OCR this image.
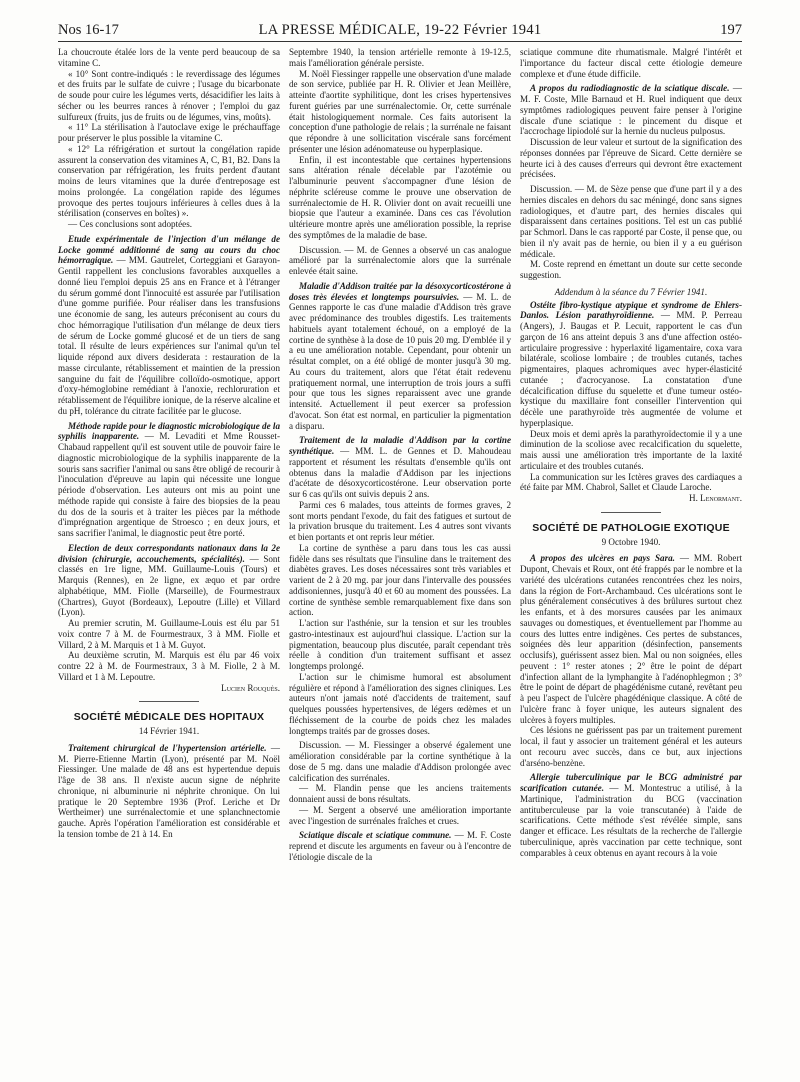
Nos 16-17	LA PRESSE MÉDICALE, 19-22 Février 1941	197

La choucroute étalée lors de la vente perd beaucoup de sa vitamine C.

« 10° Sont contre-indiqués : le reverdissage des légumes et des fruits par le sulfate de cuivre ; l'usage du bicarbonate de soude pour cuire les légumes verts, désacidifier les laits à sécher ou les beurres rances à rénover ; l'emploi du gaz sulfureux (fruits, jus de fruits ou de légumes, vins, moûts).

« 11° La stérilisation à l'autoclave exige le préchauffage pour préserver le plus possible la vitamine C.

« 12° La réfrigération et surtout la congélation rapide assurent la conservation des vitamines A, C, B1, B2. Dans la conservation par réfrigération, les fruits perdent d'autant moins de leurs vitamines que la durée d'entreposage est moins prolongée. La congélation rapide des légumes provoque des pertes toujours inférieures à celles dues à la stérilisation (conserves en boîtes) ».

— Ces conclusions sont adoptées.

Etude expérimentale de l'injection d'un mélange de Locke gommé additionné de sang au cours du choc hémorragique. — MM. Gautrelet, Corteggiani et Garayon-Gentil rappellent les conclusions favorables auxquelles a donné lieu l'emploi depuis 25 ans en France et à l'étranger du sérum gommé dont l'innocuité est assurée par l'utilisation d'une gomme purifiée. Pour réaliser dans les transfusions une économie de sang, les auteurs préconisent au cours du choc hémorragique l'utilisation d'un mélange de deux tiers de sérum de Locke gommé glucosé et de un tiers de sang total. Il résulte de leurs expériences sur l'animal qu'un tel liquide répond aux divers desiderata : restauration de la masse circulante, rétablissement et maintien de la pression sanguine du fait de l'équilibre colloïdo-osmotique, apport d'oxy-hémoglobine remédiant à l'anoxie, rechloruration et rétablissement de l'équilibre ionique, de la réserve alcaline et du pH, tolérance du citrate facilitée par le glucose.

Méthode rapide pour le diagnostic microbiologique de la syphilis inapparente. — M. Levaditi et Mme Rousset-Chabaud rappellent qu'il est souvent utile de pouvoir faire le diagnostic microbiologique de la syphilis inapparente de la souris sans sacrifier l'animal ou sans être obligé de recourir à l'inoculation d'épreuve au lapin qui nécessite une longue période d'observation. Les auteurs ont mis au point une méthode rapide qui consiste à faire des biopsies de la peau du dos de la souris et à traiter les pièces par la méthode d'imprégnation argentique de Stroesco ; en deux jours, et sans sacrifier l'animal, le diagnostic peut être porté.

Election de deux correspondants nationaux dans la 2e division (chirurgie, accouchements, spécialités). — Sont classés en 1re ligne, MM. Guillaume-Louis (Tours) et Marquis (Rennes), en 2e ligne, ex æquo et par ordre alphabétique, MM. Fiolle (Marseille), de Fourmestraux (Chartres), Guyot (Bordeaux), Lepoutre (Lille) et Villard (Lyon).

Au premier scrutin, M. Guillaume-Louis est élu par 51 voix contre 7 à M. de Fourmestraux, 3 à MM. Fiolle et Villard, 2 à M. Marquis et 1 à M. Guyot.

Au deuxième scrutin, M. Marquis est élu par 46 voix contre 22 à M. de Fourmestraux, 3 à M. Fiolle, 2 à M. Villard et 1 à M. Lepoutre.

Lucien Rouquès.

SOCIÉTÉ MÉDICALE DES HOPITAUX
14 Février 1941.

Traitement chirurgical de l'hypertension artérielle. — M. Pierre-Etienne Martin (Lyon), présenté par M. Noël Fiessinger. Une malade de 48 ans est hypertendue depuis l'âge de 38 ans. Il n'existe aucun signe de néphrite chronique, ni albuminurie ni néphrite chronique. On lui pratique le 20 Septembre 1936 (Prof. Leriche et Dr Wertheimer) une surrénalectomie et une splanchnectomie gauche. Après l'opération l'amélioration est considérable et la tension tombe de 21 à 14. En

Septembre 1940, la tension artérielle remonte à 19-12.5, mais l'amélioration générale persiste.

M. Noël Fiessinger rappelle une observation d'une malade de son service, publiée par H. R. Olivier et Jean Meillère, atteinte d'aortite syphilitique, dont les crises hypertensives furent guéries par une surrénalectomie. Or, cette surrénale était histologiquement normale. Ces faits autorisent la conception d'une pathologie de relais ; la surrénale ne faisant que répondre à une sollicitation viscérale sans forcément présenter une lésion adénomateuse ou hyperplasique.

Enfin, il est incontestable que certaines hypertensions sans altération rénale décelable par l'azotémie ou l'albuminurie peuvent s'accompagner d'une lésion de néphrite scléreuse comme le prouve une observation de surrénalectomie de H. R. Olivier dont on avait recueilli une biopsie que l'auteur a examinée. Dans ces cas l'évolution ultérieure montre après une amélioration possible, la reprise des symptômes de la maladie de base.

Discussion. — M. de Gennes a observé un cas analogue amélioré par la surrénalectomie alors que la surrénale enlevée était saine.

Maladie d'Addison traitée par la désoxycorticostérone à doses très élevées et longtemps poursuivies. — M. L. de Gennes rapporte le cas d'une maladie d'Addison très grave avec prédominance des troubles digestifs. Les traitements habituels ayant totalement échoué, on a employé de la cortine de synthèse à la dose de 10 puis 20 mg. D'emblée il y a eu une amélioration notable. Cependant, pour obtenir un résultat complet, on a été obligé de monter jusqu'à 30 mg. Au cours du traitement, alors que l'état était redevenu pratiquement normal, une interruption de trois jours a suffi pour que tous les signes reparaissent avec une grande intensité. Actuellement il peut exercer sa profession d'avocat. Son état est normal, en particulier la pigmentation a disparu.

Traitement de la maladie d'Addison par la cortine synthétique. — MM. L. de Gennes et D. Mahoudeau rapportent et résument les résultats d'ensemble qu'ils ont obtenus dans la maladie d'Addison par les injections d'acétate de désoxycorticostérone. Leur observation porte sur 6 cas qu'ils ont suivis depuis 2 ans.

Parmi ces 6 malades, tous atteints de formes graves, 2 sont morts pendant l'exode, du fait des fatigues et surtout de la privation brusque du traitement. Les 4 autres sont vivants et bien portants et ont repris leur métier.

La cortine de synthèse a paru dans tous les cas aussi fidèle dans ses résultats que l'insuline dans le traitement des diabètes graves. Les doses nécessaires sont très variables et varient de 2 à 20 mg. par jour dans l'intervalle des poussées addisoniennes, jusqu'à 40 et 60 au moment des poussées. La cortine de synthèse semble remarquablement fixe dans son action.

L'action sur l'asthénie, sur la tension et sur les troubles gastro-intestinaux est aujourd'hui classique. L'action sur la pigmentation, beaucoup plus discutée, paraît cependant très réelle à condition d'un traitement suffisant et assez longtemps prolongé.

L'action sur le chimisme humoral est absolument régulière et répond à l'amélioration des signes cliniques. Les auteurs n'ont jamais noté d'accidents de traitement, sauf quelques poussées hypertensives, de légers œdèmes et un fléchissement de la courbe de poids chez les malades longtemps traités par de grosses doses.

Discussion. — M. Fiessinger a observé également une amélioration considérable par la cortine synthétique à la dose de 5 mg. dans une maladie d'Addison prolongée avec calcification des surrénales.

— M. Flandin pense que les anciens traitements donnaient aussi de bons résultats.

— M. Sergent a observé une amélioration importante avec l'ingestion de surrénales fraîches et crues.

Sciatique discale et sciatique commune. — M. F. Coste reprend et discute les arguments en faveur ou à l'encontre de l'étiologie discale de la

sciatique commune dite rhumatismale. Malgré l'intérêt et l'importance du facteur discal cette étiologie demeure complexe et d'une étude difficile.

A propos du radiodiagnostic de la sciatique discale. — M. F. Coste, Mlle Barnaud et H. Ruel indiquent que deux symptômes radiologiques peuvent faire penser à l'origine discale d'une sciatique : le pincement du disque et l'accrochage lipiodolé sur la hernie du nucleus pulposus.

Discussion de leur valeur et surtout de la signification des réponses données par l'épreuve de Sicard. Cette dernière se heurte ici à des causes d'erreurs qui devront être exactement précisées.

Discussion. — M. de Sèze pense que d'une part il y a des hernies discales en dehors du sac méningé, donc sans signes radiologiques, et d'autre part, des hernies discales qui disparaissent dans certaines positions. Tel est un cas publié par Schmorl. Dans le cas rapporté par Coste, il pense que, ou bien il n'y avait pas de hernie, ou bien il y a eu guérison médicale.

M. Coste reprend en émettant un doute sur cette seconde suggestion.

Addendum à la séance du 7 Février 1941.

Ostéite fibro-kystique atypique et syndrome de Ehlers-Danlos. Lésion parathyroïdienne. — MM. P. Perreau (Angers), J. Baugas et P. Lecuit, rapportent le cas d'un garçon de 16 ans atteint depuis 3 ans d'une affection ostéo-articulaire progressive : hyperlaxité ligamentaire, coxa vara bilatérale, scoliose lombaire ; de troubles cutanés, taches pigmentaires, plaques achromiques avec hyper-élasticité cutanée ; d'acrocyanose. La constatation d'une décalcification diffuse du squelette et d'une tumeur ostéo-kystique du maxillaire font conseiller l'intervention qui décèle une parathyroïde très augmentée de volume et hyperplasique.

Deux mois et demi après la parathyroïdectomie il y a une diminution de la scoliose avec recalcification du squelette, mais aussi une amélioration très importante de la laxité articulaire et des troubles cutanés.

La communication sur les Ictères graves des cardiaques a été faite par MM. Chabrol, Sallet et Claude Laroche.

H. Lenormant.

SOCIÉTÉ DE PATHOLOGIE EXOTIQUE
9 Octobre 1940.

A propos des ulcères en pays Sara. — MM. Robert Dupont, Chevais et Roux, ont été frappés par le nombre et la variété des ulcérations cutanées rencontrées chez les noirs, dans la région de Fort-Archambaud. Ces ulcérations sont le plus généralement consécutives à des brûlures surtout chez les enfants, et à des morsures causées par les animaux sauvages ou domestiques, et éventuellement par l'homme au cours des luttes entre indigènes. Ces pertes de substances, soignées dès leur apparition (désinfection, pansements occlusifs), guérissent assez bien. Mal ou non soignées, elles peuvent : 1° rester atones ; 2° être le point de départ d'infection allant de la lymphangite à l'adénophlegmon ; 3° être le point de départ de phagédénisme cutané, revêtant peu à peu l'aspect de l'ulcère phagédénique classique. A côté de l'ulcère franc à foyer unique, les auteurs signalent des ulcères à foyers multiples.

Ces lésions ne guérissent pas par un traitement purement local, il faut y associer un traitement général et les auteurs ont recouru avec succès, dans ce but, aux injections d'arséno-benzène.

Allergie tuberculinique par le BCG administré par scarification cutanée. — M. Montestruc a utilisé, à la Martinique, l'administration du BCG (vaccination antituberculeuse par la voie transcutanée) à l'aide de scarifications. Cette méthode s'est révélée simple, sans danger et efficace. Les résultats de la recherche de l'allergie tuberculinique, après vaccination par cette technique, sont comparables à ceux obtenus en ayant recours à la voie
